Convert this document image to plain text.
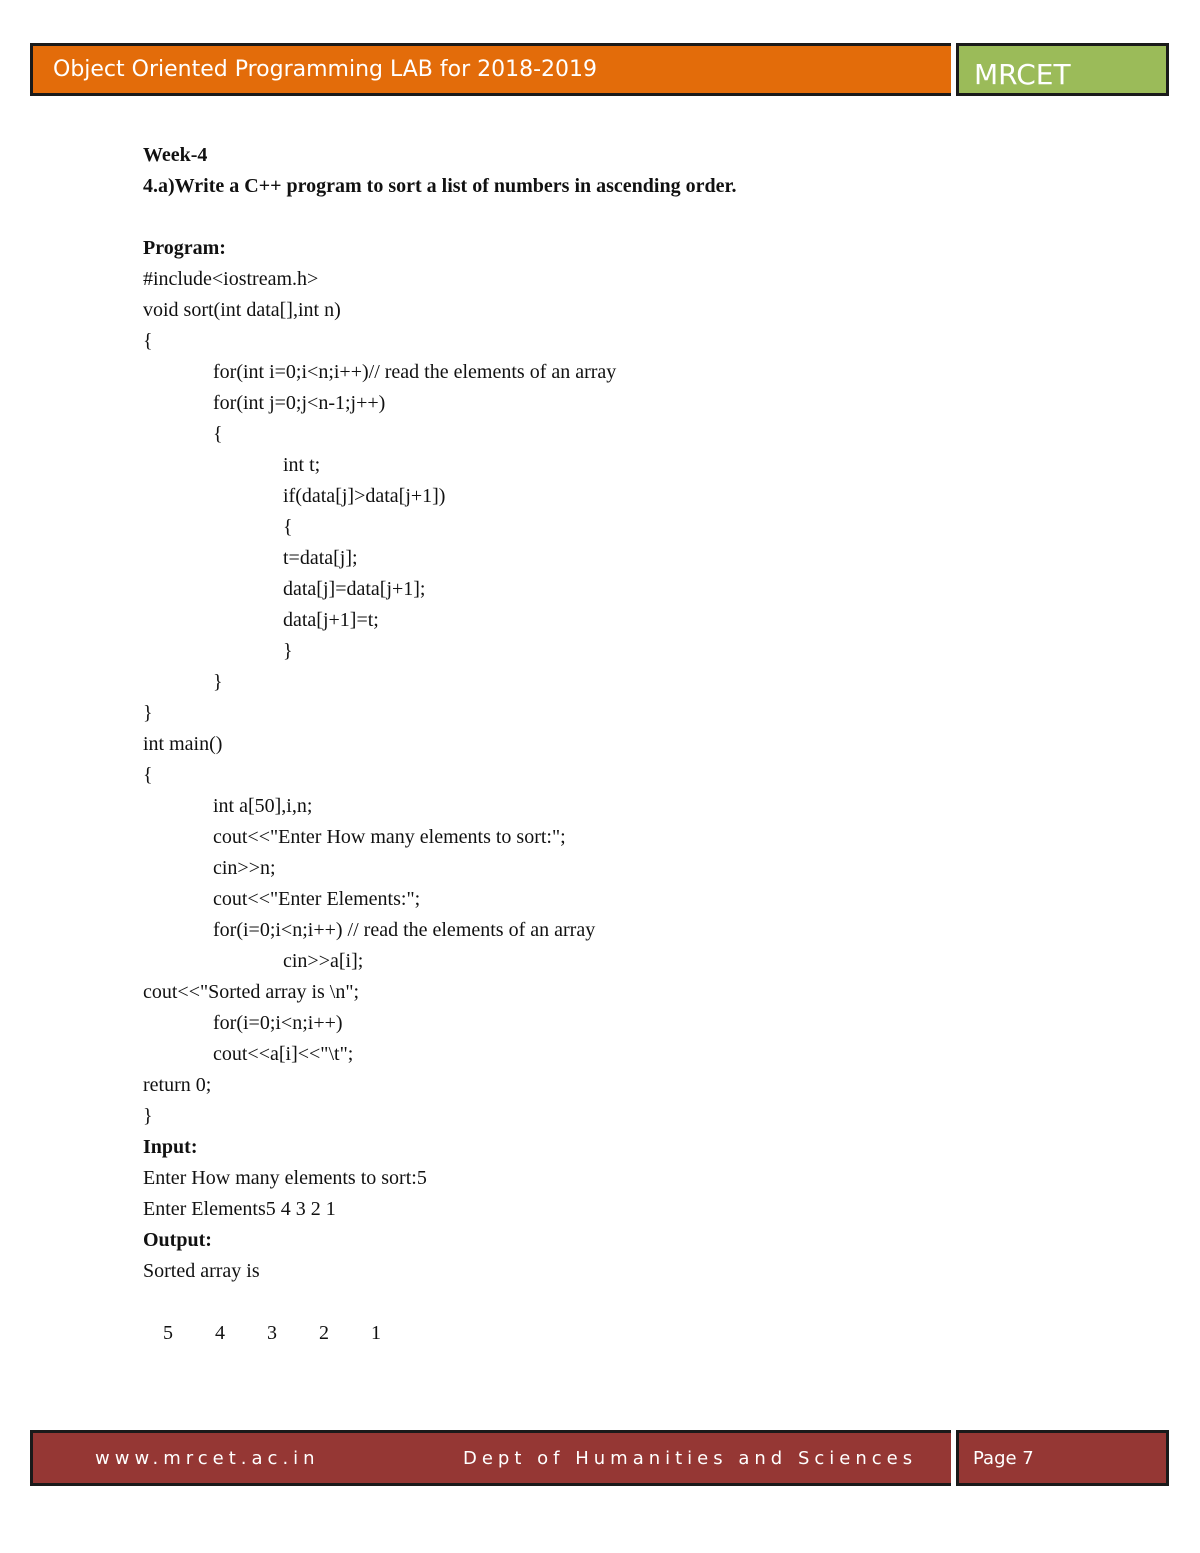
Object Oriented Programming LAB for 2018-2019	MRCET
Week-4
4.a)Write a C++ program to sort a list of numbers in ascending order.
Program:
#include<iostream.h>
void sort(int data[],int n)
{
for(int i=0;i<n;i++)// read the elements of an array
for(int j=0;j<n-1;j++)
{
int t;
if(data[j]>data[j+1])
{
t=data[j];
data[j]=data[j+1];
data[j+1]=t;
}
}
}
int main()
{
int a[50],i,n;
cout<<"Enter How many elements to sort:";
cin>>n;
cout<<"Enter Elements:";
for(i=0;i<n;i++) // read the elements of an array
cin>>a[i];
cout<<"Sorted array is \n";
for(i=0;i<n;i++)
cout<<a[i]<<"\t";
return 0;
}
Input:
Enter How many elements to sort:5
Enter Elements5 4 3 2 1
Output:
Sorted array is

5 4 3 2 1

www.mrcet.ac.in	Dept of Humanities and Sciences	Page 7
